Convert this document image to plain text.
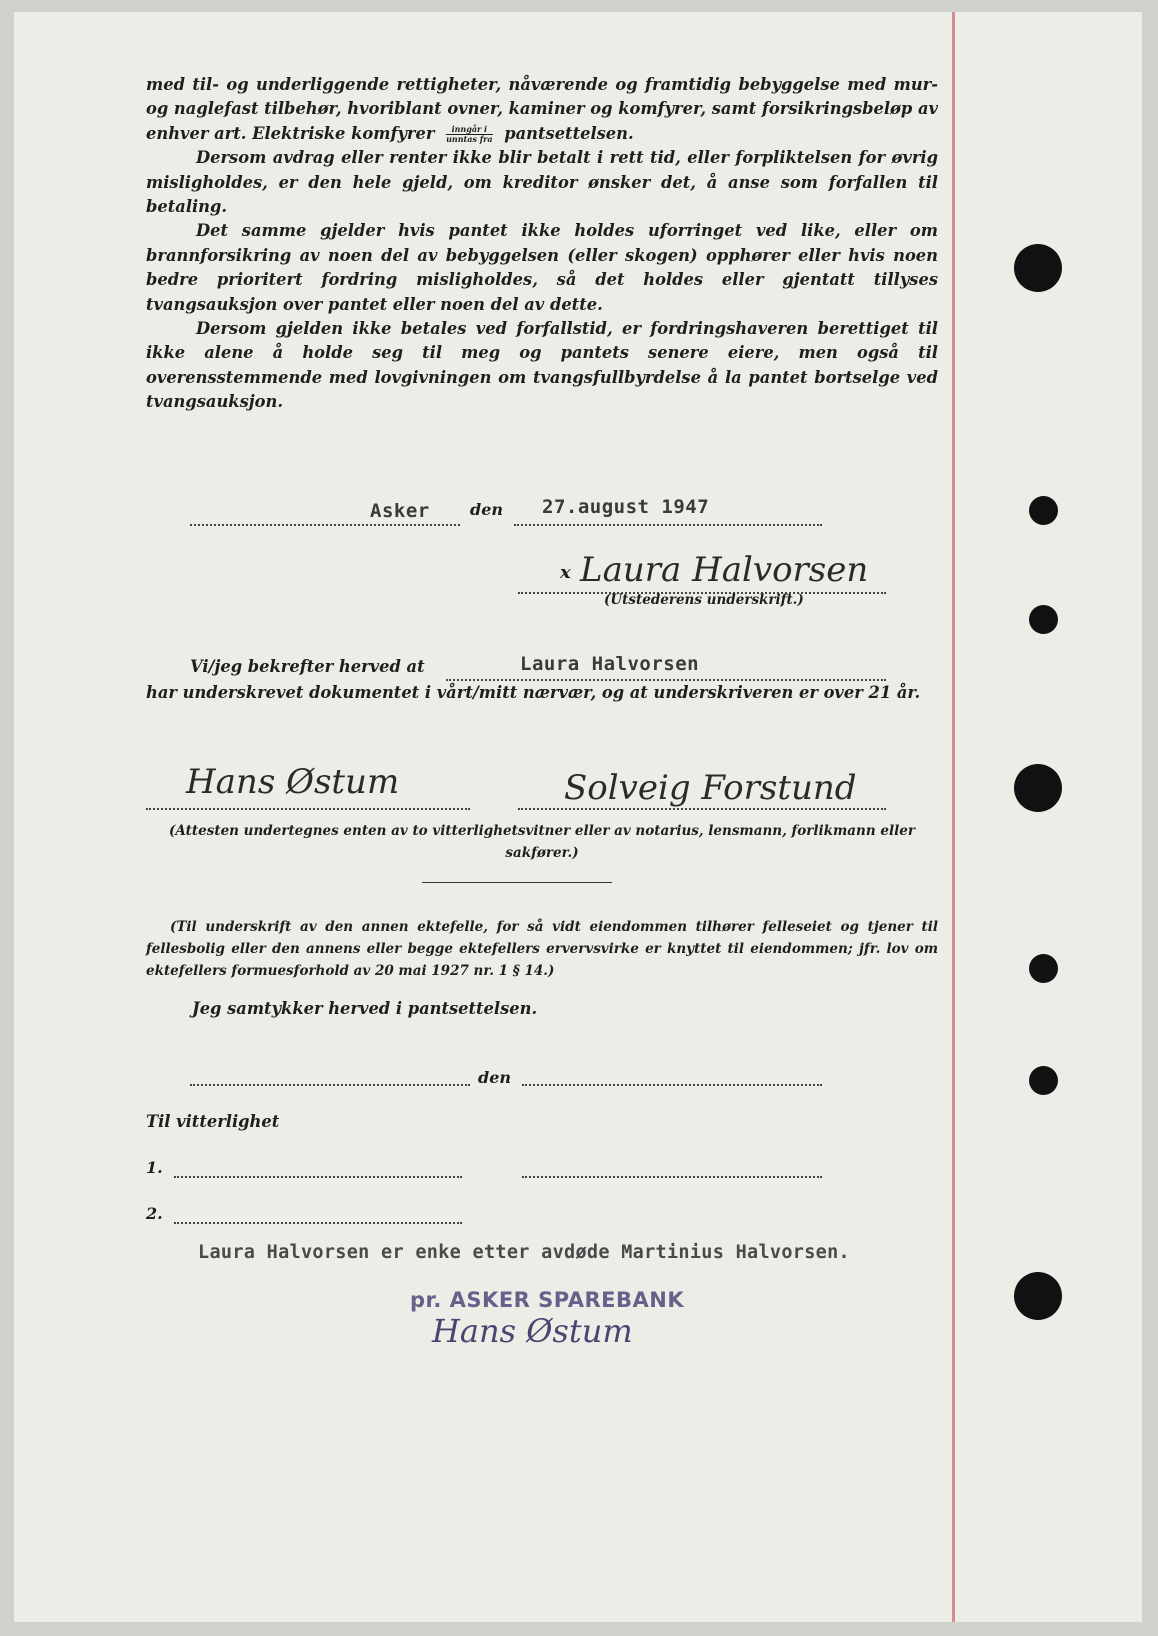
med til- og underliggende rettigheter, nåværende og framtidig bebyggelse med mur- og naglefast tilbehør, hvoriblant ovner, kaminer og komfyrer, samt forsikringsbeløp av enhver art. Elektriske komfyrer $\frac{\text{inngår i}}{\text{unntas fra}}$ pantsettelsen.

Dersom avdrag eller renter ikke blir betalt i rett tid, eller forpliktelsen for øvrig misligholdes, er den hele gjeld, om kreditor ønsker det, å anse som forfallen til betaling.

Det samme gjelder hvis pantet ikke holdes uforringet ved like, eller om brannforsikring av noen del av bebyggelsen (eller skogen) opphører eller hvis noen bedre prioritert fordring misligholdes, så det holdes eller gjentatt tillyses tvangsauksjon over pantet eller noen del av dette.

Dersom gjelden ikke betales ved forfallstid, er fordringshaveren berettiget til ikke alene å holde seg til meg og pantets senere eiere, men også til overensstemmende med lovgivningen om tvangsfullbyrdelse å la pantet bortselge ved tvangsauksjon.

Asker	den 27.august 1947
x Laura Halvorsen
(Utstederens underskrift.)
Vi/jeg bekrefter herved at	Laura Halvorsen
har underskrevet dokumentet i vårt/mitt nærvær, og at underskriveren er over 21 år.
Hans Østum	Solveig Forstund
(Attesten undertegnes enten av to vitterlighetsvitner eller av notarius, lensmann, forlikmann eller sakfører.)
(Til underskrift av den annen ektefelle, for så vidt eiendommen tilhører felleseiet og tjener til fellesbolig eller den annens eller begge ektefellers ervervsvirke er knyttet til eiendommen; jfr. lov om ektefellers formuesforhold av 20 mai 1927 nr. 1 § 14.)
Jeg samtykker herved i pantsettelsen.
den
Til vitterlighet
1.
2.
Laura Halvorsen er enke etter avdøde Martinius Halvorsen.
pr. ASKER SPAREBANK
Hans Østum
